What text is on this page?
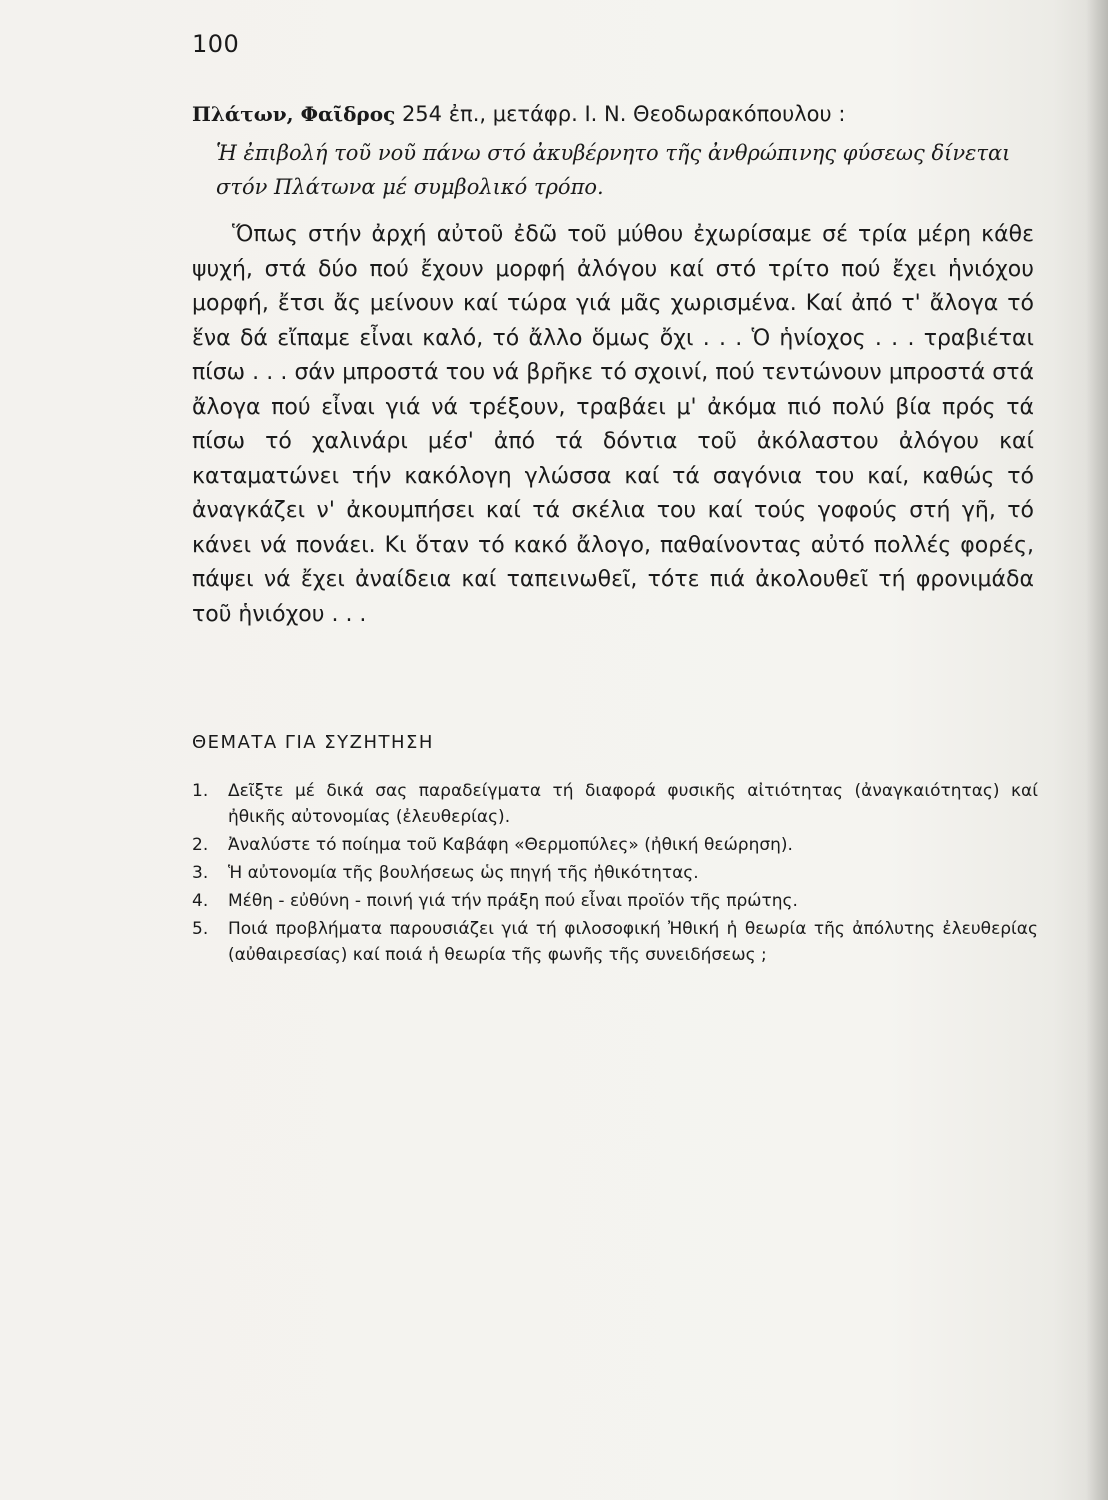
100
Πλάτων, Φαῖδρος 254 ἐπ., μετάφρ. Ι. Ν. Θεοδωρακόπουλου :
Ἡ ἐπιβολή τοῦ νοῦ πάνω στό ἀκυβέρνητο τῆς ἀνθρώπινης φύσεως δίνεται στόν Πλάτωνα μέ συμβολικό τρόπο.

Ὅπως στήν ἀρχή αὐτοῦ ἐδῶ τοῦ μύθου ἐχωρίσαμε σέ τρία μέρη κάθε ψυχή, στά δύο πού ἔχουν μορφή ἀλόγου καί στό τρίτο πού ἔχει ἡνιόχου μορφή, ἔτσι ἄς μείνουν καί τώρα γιά μᾶς χωρισμένα. Καί ἀπό τ' ἄλογα τό ἕνα δά εἴπαμε εἶναι καλό, τό ἄλλο ὅμως ὄχι . . . Ὁ ἡνίοχος . . . τραβιέται πίσω . . . σάν μπροστά του νά βρῆκε τό σχοινί, πού τεντώνουν μπροστά στά ἄλογα πού εἶναι γιά νά τρέξουν, τραβάει μ' ἀκόμα πιό πολύ βία πρός τά πίσω τό χαλινάρι μέσ' ἀπό τά δόντια τοῦ ἀκόλαστου ἀλόγου καί καταματώνει τήν κακόλογη γλώσσα καί τά σαγόνια του καί, καθώς τό ἀναγκάζει ν' ἀκουμπήσει καί τά σκέλια του καί τούς γοφούς στή γῆ, τό κάνει νά πονάει. Κι ὅταν τό κακό ἄλογο, παθαίνοντας αὐτό πολλές φορές, πάψει νά ἔχει ἀναίδεια καί ταπεινωθεῖ, τότε πιά ἀκολουθεῖ τή φρονιμάδα τοῦ ἡνιόχου . . .

ΘΕΜΑΤΑ ΓΙΑ ΣΥΖΗΤΗΣΗ
1.	Δεῖξτε μέ δικά σας παραδείγματα τή διαφορά φυσικῆς αἰτιότητας (ἀναγκαιότητας) καί ἠθικῆς αὐτονομίας (ἐλευθερίας).
2.	Ἀναλύστε τό ποίημα τοῦ Καβάφη «Θερμοπύλες» (ἠθική θεώρηση).
3.	Ἡ αὐτονομία τῆς βουλήσεως ὡς πηγή τῆς ἠθικότητας.
4.	Μέθη - εὐθύνη - ποινή γιά τήν πράξη πού εἶναι προϊόν τῆς πρώτης.
5.	Ποιά προβλήματα παρουσιάζει γιά τή φιλοσοφική Ἠθική ἡ θεωρία τῆς ἀπόλυτης ἐλευθερίας (αὐθαιρεσίας) καί ποιά ἡ θεωρία τῆς φωνῆς τῆς συνειδήσεως ;
